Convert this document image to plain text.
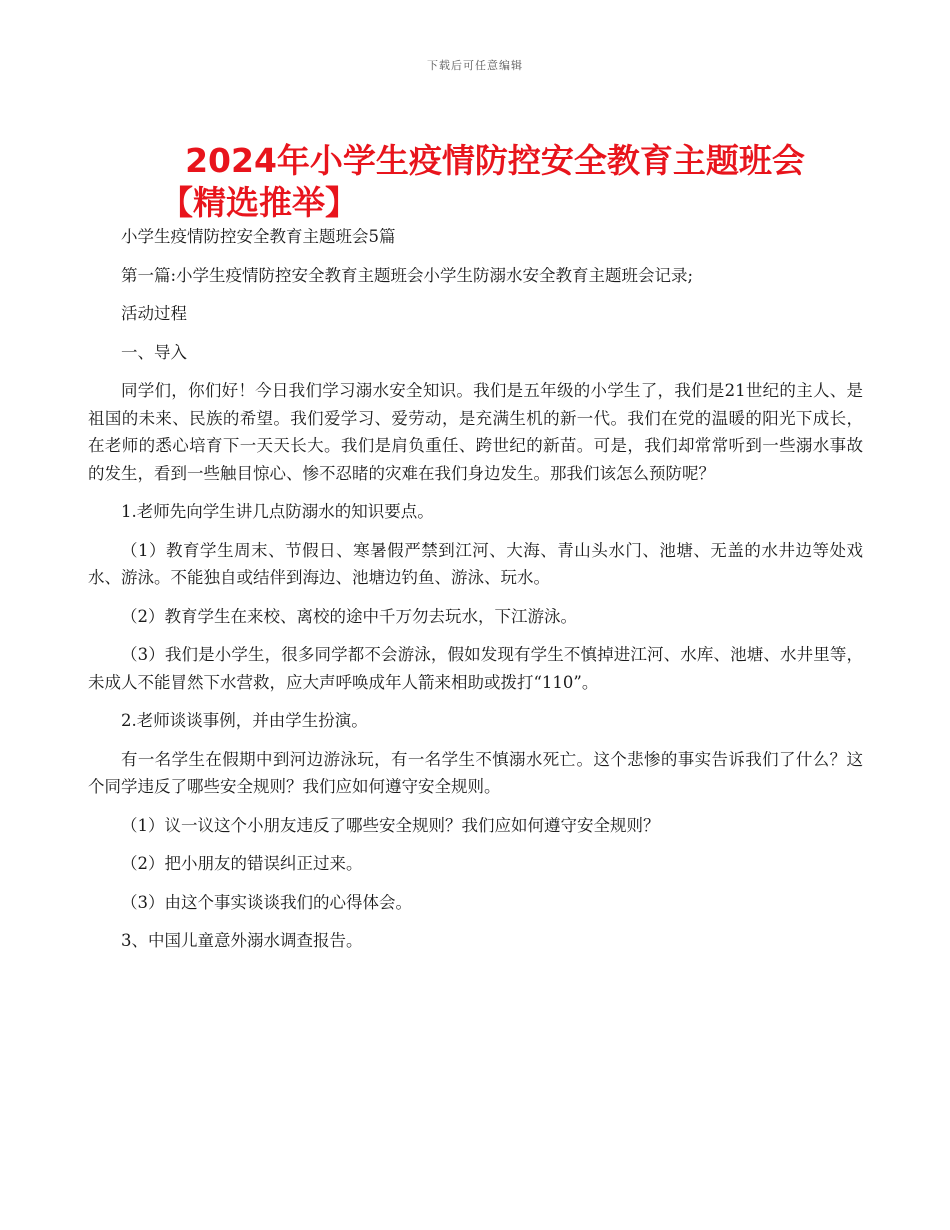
下载后可任意编辑
2024年小学生疫情防控安全教育主题班会
【精选推举】

小学生疫情防控安全教育主题班会5篇

第一篇:小学生疫情防控安全教育主题班会小学生防溺水安全教育主题班会记录;

活动过程

一、导入

同学们，你们好！今日我们学习溺水安全知识。我们是五年级的小学生了，我们是21世纪的主人、是祖国的未来、民族的希望。我们爱学习、爱劳动，是充满生机的新一代。我们在党的温暖的阳光下成长，在老师的悉心培育下一天天长大。我们是肩负重任、跨世纪的新苗。可是，我们却常常听到一些溺水事故的发生，看到一些触目惊心、惨不忍睹的灾难在我们身边发生。那我们该怎么预防呢？

1.老师先向学生讲几点防溺水的知识要点。

（1）教育学生周末、节假日、寒暑假严禁到江河、大海、青山头水门、池塘、无盖的水井边等处戏水、游泳。不能独自或结伴到海边、池塘边钓鱼、游泳、玩水。

（2）教育学生在来校、离校的途中千万勿去玩水，下江游泳。

（3）我们是小学生，很多同学都不会游泳，假如发现有学生不慎掉进江河、水库、池塘、水井里等，未成人不能冒然下水营救，应大声呼唤成年人箭来相助或拨打“110”。

2.老师谈谈事例，并由学生扮演。

有一名学生在假期中到河边游泳玩，有一名学生不慎溺水死亡。这个悲惨的事实告诉我们了什么？这个同学违反了哪些安全规则？我们应如何遵守安全规则。

（1）议一议这个小朋友违反了哪些安全规则？我们应如何遵守安全规则？

（2）把小朋友的错误纠正过来。

（3）由这个事实谈谈我们的心得体会。

3、中国儿童意外溺水调查报告。
